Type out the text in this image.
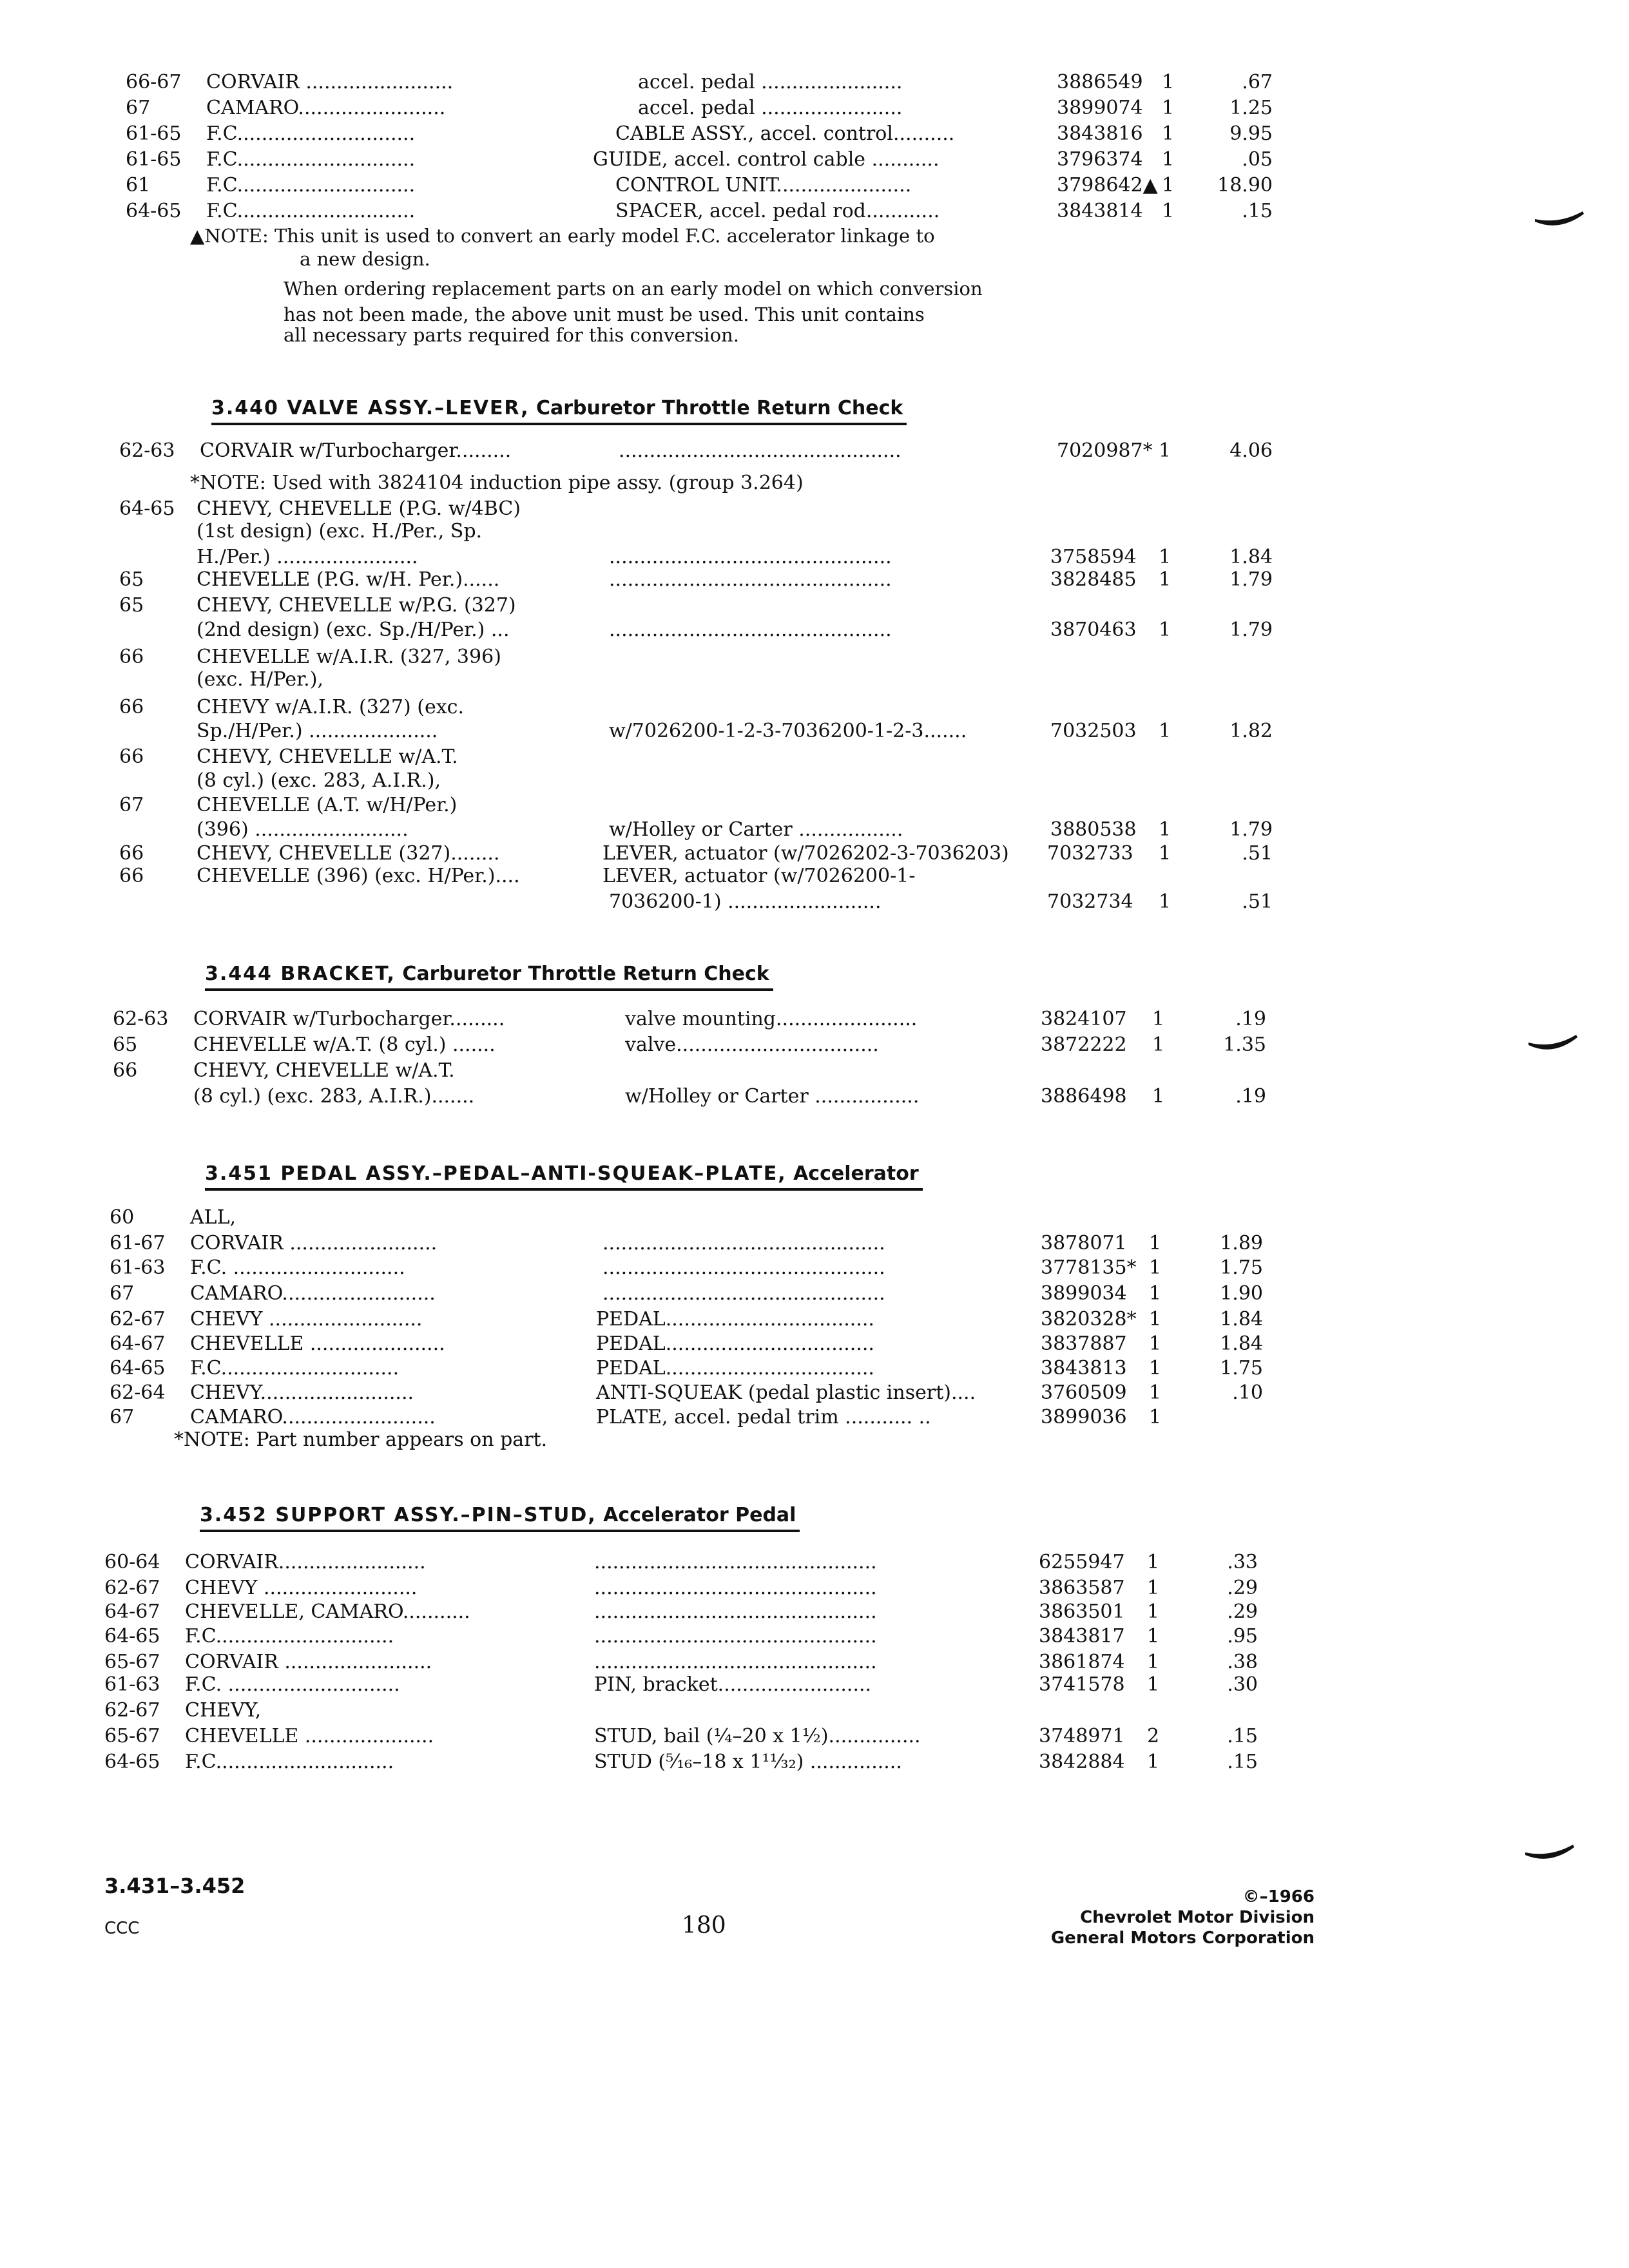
66-67 CORVAIR ........................	accel. pedal .......................	3886549 1	.67
67	CAMARO........................	accel. pedal .......................	3899074 1	1.25
61-65 F.C.............................	CABLE ASSY., accel. control..........	3843816 1	9.95
61-65 F.C.............................	GUIDE, accel. control cable ...........	3796374 1	.05
61	F.C.............................	CONTROL UNIT......................	3798642▲ 1	18.90
64-65 F.C.............................	SPACER, accel. pedal rod............	3843814 1	.15
▲NOTE: This unit is used to convert an early model F.C. accelerator linkage to
a new design.
When ordering replacement parts on an early model on which conversion
has not been made, the above unit must be used. This unit contains
all necessary parts required for this conversion.
3.440 VALVE ASSY.–LEVER, Carburetor Throttle Return Check
62-63 CORVAIR w/Turbocharger.........	..............................................	7020987* 1	4.06
*NOTE: Used with 3824104 induction pipe assy. (group 3.264)
64-65 CHEVY, CHEVELLE (P.G. w/4BC)
(1st design) (exc. H./Per., Sp.
H./Per.) .......................	..............................................	3758594 1	1.84
65	CHEVELLE (P.G. w/H. Per.)......	..............................................	3828485 1	1.79
65	CHEVY, CHEVELLE w/P.G. (327)
(2nd design) (exc. Sp./H/Per.) ...	..............................................	3870463 1	1.79
66	CHEVELLE w/A.I.R. (327, 396)
(exc. H/Per.),
66	CHEVY w/A.I.R. (327) (exc.
Sp./H/Per.) .....................	w/7026200-1-2-3-7036200-1-2-3.......	7032503 1	1.82
66	CHEVY, CHEVELLE w/A.T.
(8 cyl.) (exc. 283, A.I.R.),
67	CHEVELLE (A.T. w/H/Per.)
(396) .........................	w/Holley or Carter .................	3880538 1	1.79
66	CHEVY, CHEVELLE (327)........	LEVER, actuator (w/7026202-3-7036203) 7032733 1	.51
66	CHEVELLE (396) (exc. H/Per.)....	LEVER, actuator (w/7026200-1-
7036200-1) .........................	7032734 1	.51
3.444 BRACKET, Carburetor Throttle Return Check
62-63 CORVAIR w/Turbocharger.........	valve mounting.......................	3824107 1	.19
65	CHEVELLE w/A.T. (8 cyl.) .......	valve.................................	3872222 1	1.35
66	CHEVY, CHEVELLE w/A.T.
(8 cyl.) (exc. 283, A.I.R.).......	w/Holley or Carter .................	3886498 1	.19
3.451 PEDAL ASSY.–PEDAL–ANTI-SQUEAK–PLATE, Accelerator
60	ALL,
61-67 CORVAIR ........................	..............................................	3878071 1	1.89
61-63 F.C. ............................	..............................................	3778135* 1	1.75
67	CAMARO.........................	..............................................	3899034 1	1.90
62-67 CHEVY .........................	PEDAL..................................	3820328* 1	1.84
64-67 CHEVELLE ......................	PEDAL..................................	3837887 1	1.84
64-65 F.C.............................	PEDAL..................................	3843813 1	1.75
62-64 CHEVY.........................	ANTI-SQUEAK (pedal plastic insert)....	3760509 1	.10
67	CAMARO.........................	PLATE, accel. pedal trim ........... ..	3899036 1
*NOTE: Part number appears on part.
3.452 SUPPORT ASSY.–PIN–STUD, Accelerator Pedal
60-64 CORVAIR........................	..............................................	6255947 1	.33
62-67 CHEVY .........................	..............................................	3863587 1	.29
64-67 CHEVELLE, CAMARO...........	..............................................	3863501 1	.29
64-65 F.C.............................	..............................................	3843817 1	.95
65-67 CORVAIR ........................	..............................................	3861874 1	.38
61-63 F.C. ............................	PIN, bracket.........................	3741578 1	.30
62-67 CHEVY,
65-67 CHEVELLE .....................	STUD, bail (¼–20 x 1½)...............	3748971 2	.15
64-65 F.C.............................	STUD (⁵⁄₁₆–18 x 1¹¹⁄₃₂) ...............	3842884 1	.15
3.431–3.452
CCC	180
©–1966
Chevrolet Motor Division
General Motors Corporation
